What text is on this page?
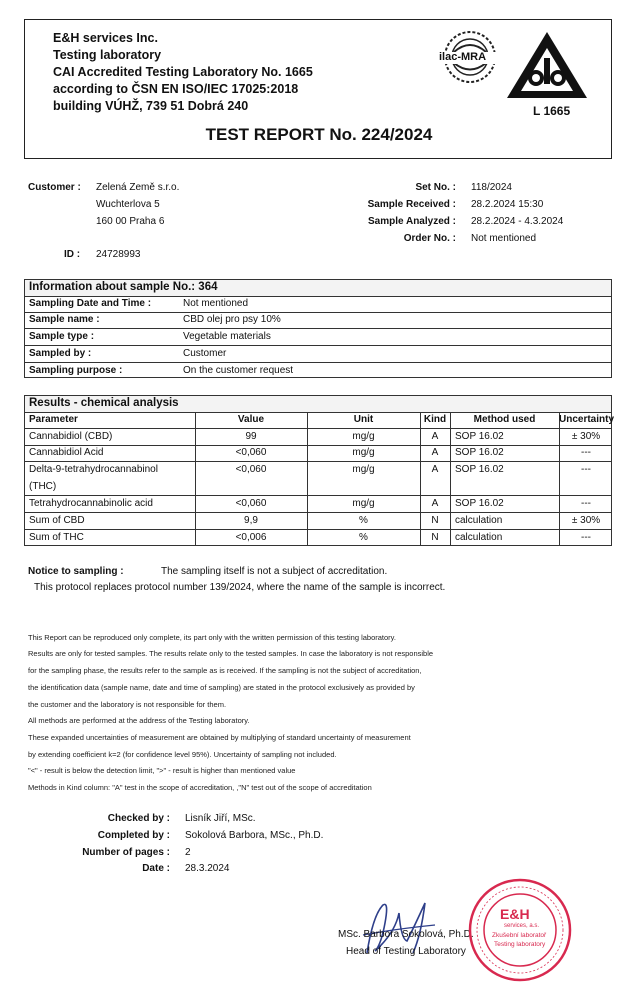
E&H services Inc.
Testing laboratory
CAI Accredited Testing Laboratory No. 1665
according to ČSN EN ISO/IEC 17025:2018
building VÚHŽ, 739 51 Dobrá 240
TEST REPORT No. 224/2024
ilac-MRA
L 1665
Customer : Zelená Země s.r.o.
Wuchterlova 5
160 00 Praha 6
ID : 24728993
Set No. : 118/2024
Sample Received : 28.2.2024 15:30
Sample Analyzed : 28.2.2024 - 4.3.2024
Order No. : Not mentioned
Information about sample No.: 364
Sampling Date and Time :	Not mentioned
Sample name :	CBD olej pro psy 10%
Sample type :	Vegetable materials
Sampled by :	Customer
Sampling purpose :	On the customer request
Results - chemical analysis
Parameter	Value	Unit	Kind	Method used	Uncertainty
Cannabidiol (CBD)	99	mg/g	A	SOP 16.02	± 30%
Cannabidiol Acid	<0,060	mg/g	A	SOP 16.02	---
Delta-9-tetrahydrocannabinol
(THC)
<0,060	mg/g	A	SOP 16.02	---
Tetrahydrocannabinolic acid	<0,060	mg/g	A	SOP 16.02	---
Sum of CBD	9,9	%	N	calculation	± 30%
Sum of THC	<0,006	%	N	calculation	---
Notice to sampling :	The sampling itself is not a subject of accreditation.
This protocol replaces protocol number 139/2024, where the name of the sample is incorrect.
This Report can be reproduced only complete, its part only with the written permission of this testing laboratory.
Results are only for tested samples. The results relate only to the tested samples. In case the laboratory is not responsible
for the sampling phase, the results refer to the sample as is received. If the sampling is not the subject of accreditation,
the identification data (sample name, date and time of sampling) are stated in the protocol exclusively as provided by
the customer and the laboratory is not responsible for them.
All methods are performed at the address of the Testing laboratory.
These expanded uncertainties of measurement are obtained by multiplying of standard uncertainty of measurement
by extending coefficient k=2 (for confidence level 95%). Uncertainty of sampling not included.
"<" - result is below the detection limit, ">" - result is higher than mentioned value
Methods in Kind column: "A" test in the scope of accreditation, ,"N" test out of the scope of accreditation
Checked by : Lisník Jiří, MSc.
Completed by : Sokolová Barbora, MSc., Ph.D.
Number of pages : 2
Date : 28.3.2024
MSc. Barbora Sokolová, Ph.D.
Head of Testing Laboratory
E&H
services, a.s.
Zkušební laboratoř
Testing laboratory
